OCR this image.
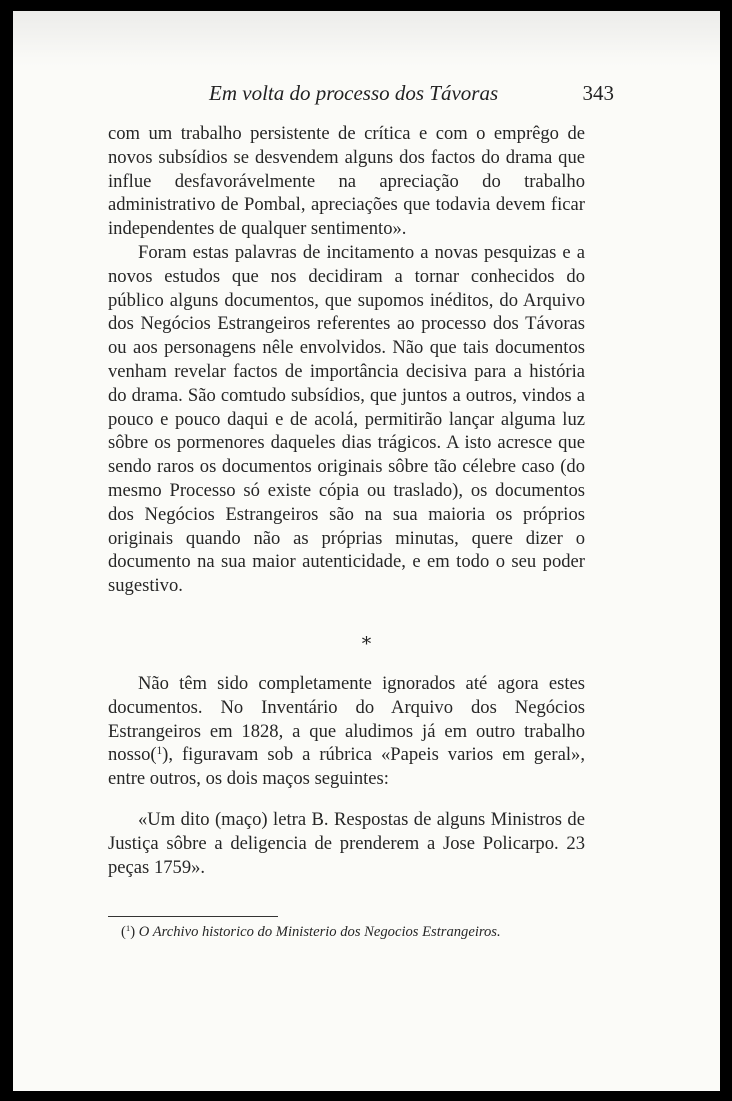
Em volta do processo dos Távoras	343

com um trabalho persistente de crítica e com o emprêgo de novos subsídios se desvendem alguns dos factos do drama que influe desfavorávelmente na apreciação do trabalho administrativo de Pombal, apreciações que todavia devem ficar independentes de qualquer sentimento».

Foram estas palavras de incitamento a novas pesquizas e a novos estudos que nos decidiram a tornar conhecidos do público alguns documentos, que supomos inéditos, do Arquivo dos Negócios Estrangeiros referentes ao processo dos Távoras ou aos personagens nêle envolvidos. Não que tais documentos venham revelar factos de importância decisiva para a história do drama. São comtudo subsídios, que juntos a outros, vindos a pouco e pouco daqui e de acolá, permitirão lançar alguma luz sôbre os pormenores daqueles dias trágicos. A isto acresce que sendo raros os documentos originais sôbre tão célebre caso (do mesmo Processo só existe cópia ou traslado), os documentos dos Negócios Estrangeiros são na sua maioria os próprios originais quando não as próprias minutas, quere dizer o documento na sua maior autenticidade, e em todo o seu poder sugestivo.

*

Não têm sido completamente ignorados até agora estes documentos. No Inventário do Arquivo dos Negócios Estrangeiros em 1828, a que aludimos já em outro trabalho nosso($^1$), figuravam sob a rúbrica «Papeis varios em geral», entre outros, os dois maços seguintes:

«Um dito (maço) letra B. Respostas de alguns Ministros de Justiça sôbre a deligencia de prenderem a Jose Policarpo. 23 peças 1759».

($^1$) O Archivo historico do Ministerio dos Negocios Estrangeiros.
